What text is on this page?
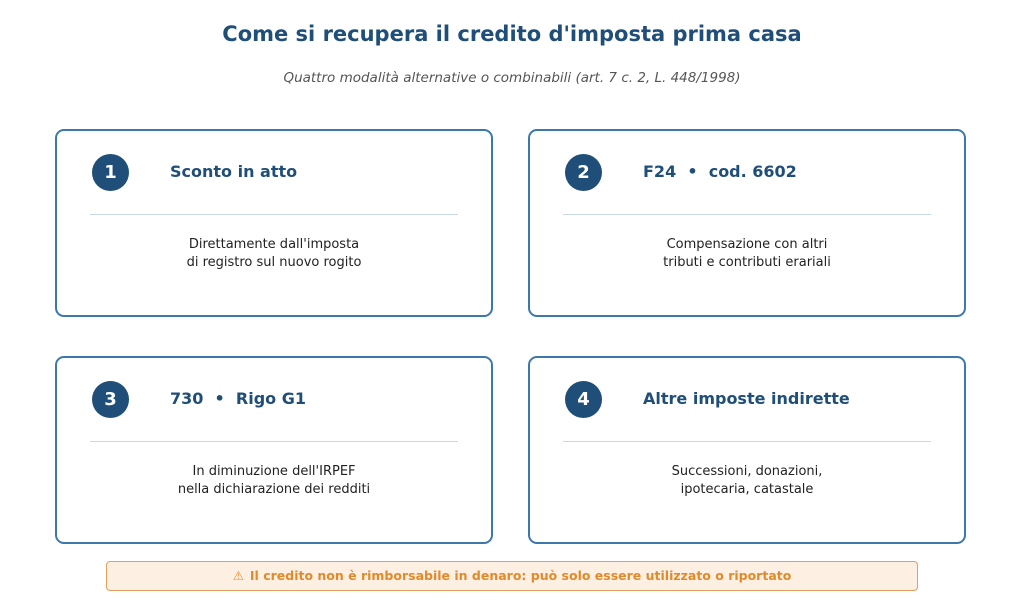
Come si recupera il credito d'imposta prima casa
Quattro modalità alternative o combinabili (art. 7 c. 2, L. 448/1998)
1	Sconto in atto
Direttamente dall'imposta
di registro sul nuovo rogito
2	F24  •  cod. 6602
Compensazione con altri
tributi e contributi erariali
3	730  •  Rigo G1
In diminuzione dell'IRPEF
nella dichiarazione dei redditi
4	Altre imposte indirette
Successioni, donazioni,
ipotecaria, catastale
⚠ Il credito non è rimborsabile in denaro: può solo essere utilizzato o riportato
